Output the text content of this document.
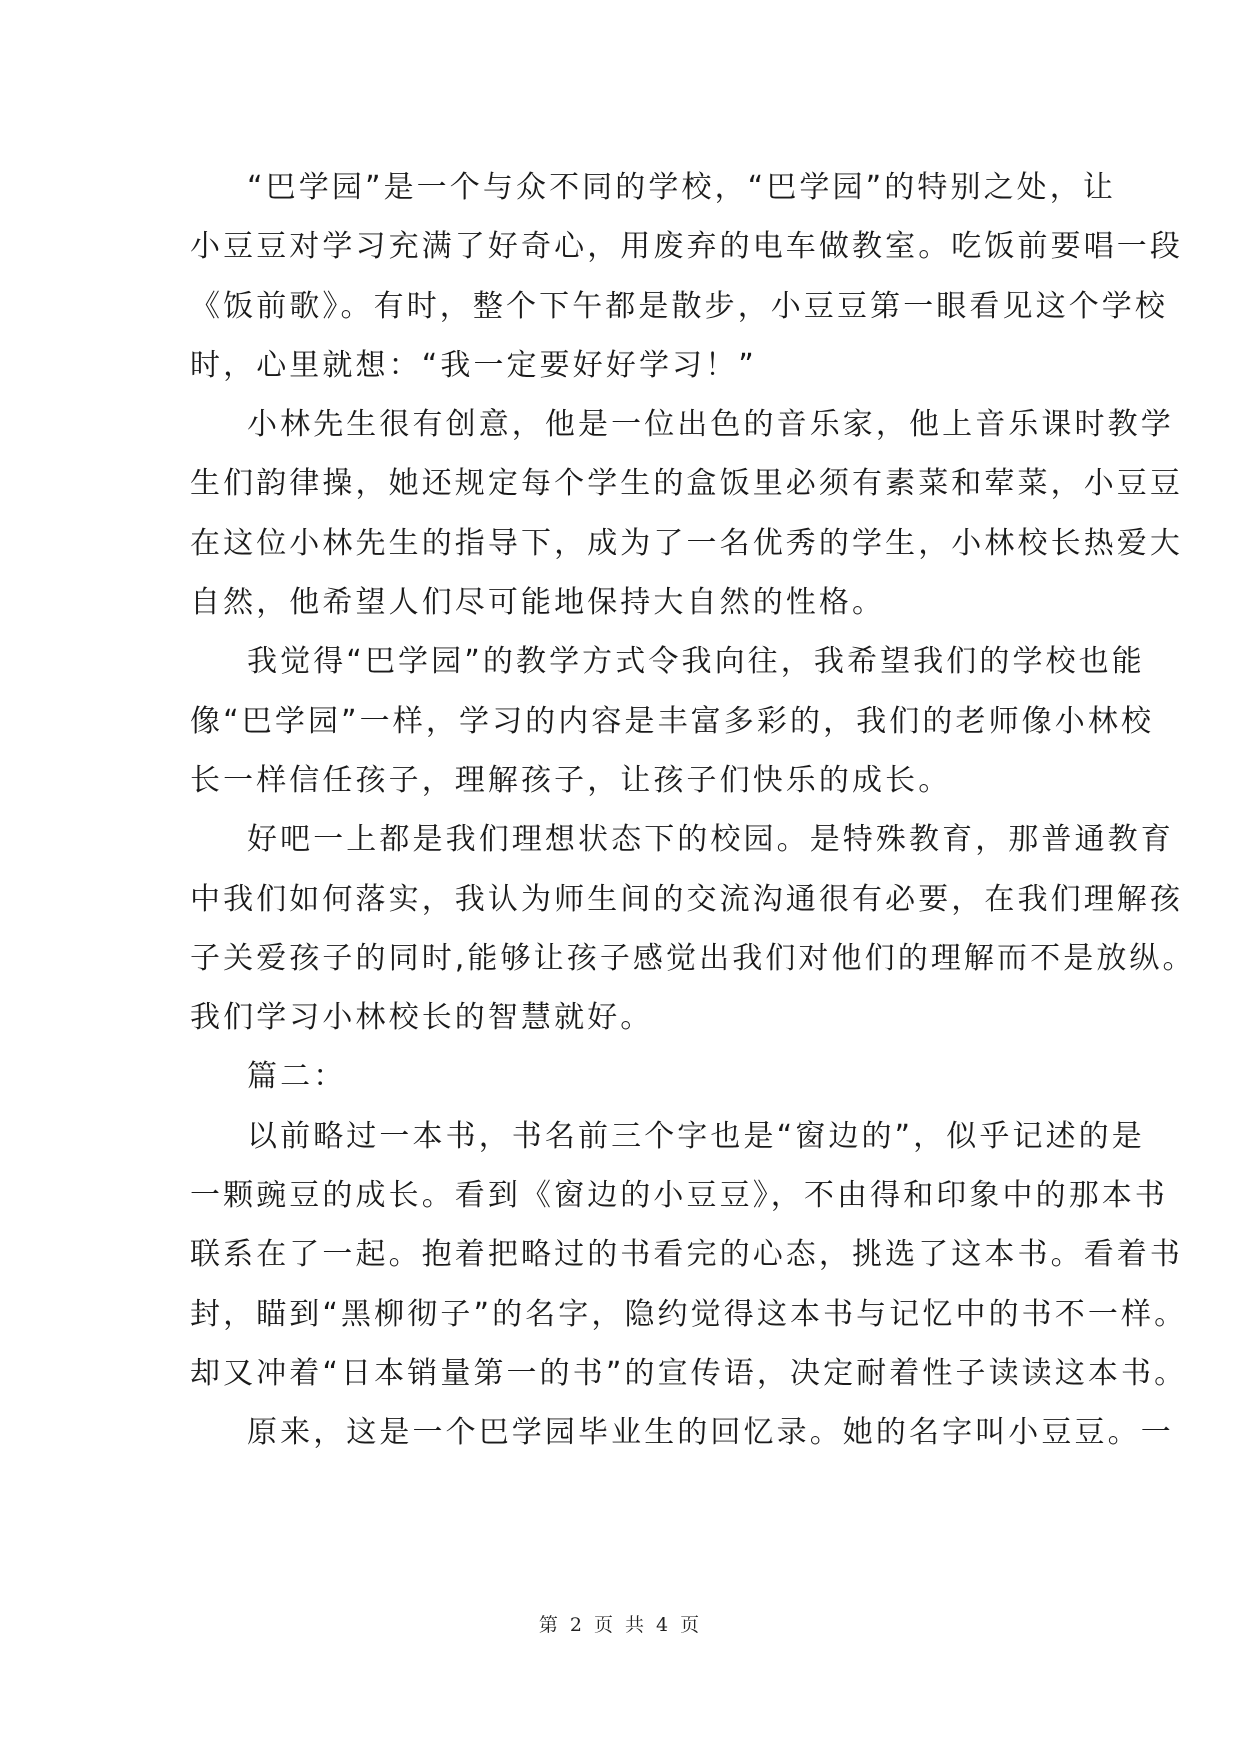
“巴学园”是一个与众不同的学校，“巴学园”的特别之处，让
小豆豆对学习充满了好奇心，用废弃的电车做教室。吃饭前要唱一段
《饭前歌》。有时，整个下午都是散步，小豆豆第一眼看见这个学校
时，心里就想：“我一定要好好学习！”
小林先生很有创意，他是一位出色的音乐家，他上音乐课时教学
生们韵律操，她还规定每个学生的盒饭里必须有素菜和荤菜，小豆豆
在这位小林先生的指导下，成为了一名优秀的学生，小林校长热爱大
自然，他希望人们尽可能地保持大自然的性格。
我觉得“巴学园”的教学方式令我向往，我希望我们的学校也能
像“巴学园”一样，学习的内容是丰富多彩的，我们的老师像小林校
长一样信任孩子，理解孩子，让孩子们快乐的成长。
好吧一上都是我们理想状态下的校园。是特殊教育，那普通教育
中我们如何落实，我认为师生间的交流沟通很有必要，在我们理解孩
子关爱孩子的同时,能够让孩子感觉出我们对他们的理解而不是放纵。
我们学习小林校长的智慧就好。
篇二：
以前略过一本书，书名前三个字也是“窗边的”，似乎记述的是
一颗豌豆的成长。看到《窗边的小豆豆》，不由得和印象中的那本书
联系在了一起。抱着把略过的书看完的心态，挑选了这本书。看着书
封，瞄到“黑柳彻子”的名字，隐约觉得这本书与记忆中的书不一样。
却又冲着“日本销量第一的书”的宣传语，决定耐着性子读读这本书。
原来，这是一个巴学园毕业生的回忆录。她的名字叫小豆豆。一
第 2 页 共 4 页
